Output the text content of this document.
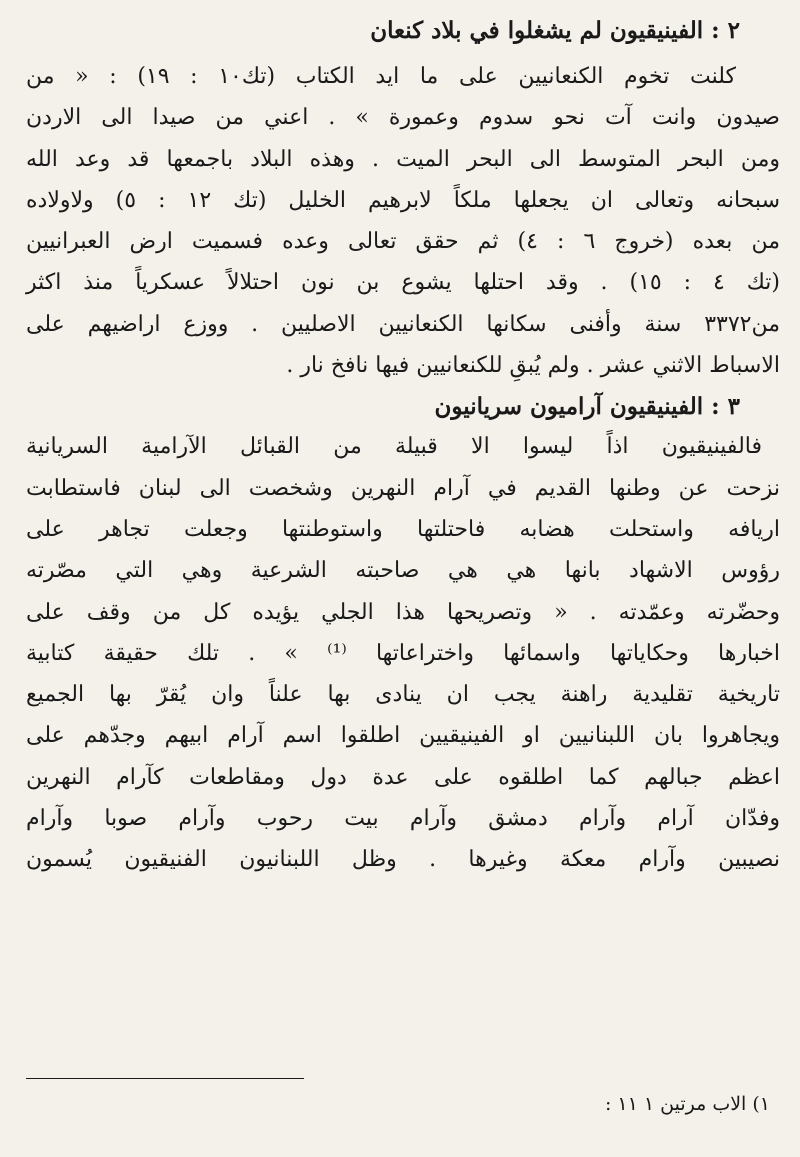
٢ : الفينيقيون لم يشغلوا في بلاد كنعان
كلنت تخوم الكنعانيين على ما ايد الكتاب (تك١٠ : ١٩) : « من
صيدون وانت آت نحو سدوم وعمورة » . اعني من صيدا الى الاردن
ومن البحر المتوسط الى البحر الميت . وهذه البلاد باجمعها قد وعد الله
سبحانه وتعالى ان يجعلها ملكاً لابرهيم الخليل (تك ١٢ : ٥) ولاولاده
من بعده (خروج ٦ : ٤) ثم حقق تعالى وعده فسميت ارض العبرانيين
(تك ٤ : ١٥) . وقد احتلها يشوع بن نون احتلالاً عسكرياً منذ اكثر
من٣٣٧٢ سنة وأفنى سكانها الكنعانيين الاصليين . ووزع اراضيهم على
الاسباط الاثني عشر . ولم يُبقِ للكنعانيين فيها نافخ نار .
٣ : الفينيقيون آراميون سريانيون
فالفينيقيون اذاً ليسوا الا قبيلة من القبائل الآرامية السريانية
نزحت عن وطنها القديم في آرام النهرين وشخصت الى لبنان فاستطابت
اريافه واستحلت هضابه فاحتلتها واستوطنتها وجعلت تجاهر على
رؤوس الاشهاد بانها هي هي صاحبته الشرعية وهي التي مصّرته
وحضّرته وعمّدته . « وتصريحها هذا الجلي يؤيده كل من وقف على
اخبارها وحكاياتها واسمائها واختراعاتها ⁽¹⁾ » . تلك حقيقة كتابية
تاريخية تقليدية راهنة يجب ان ينادى بها علناً وان يُقرّ بها الجميع
ويجاهروا بان اللبنانيين او الفينيقيين اطلقوا اسم آرام ابيهم وجدّهم على
اعظم جبالهم كما اطلقوه على عدة دول ومقاطعات كآرام النهرين
وفدّان آرام وآرام دمشق وآرام بيت رحوب وآرام صوبا وآرام
نصيبين وآرام معكة وغيرها . وظل اللبنانيون الفنيقيون يُسمون
١) الاب مرتين ١ ١١ :
